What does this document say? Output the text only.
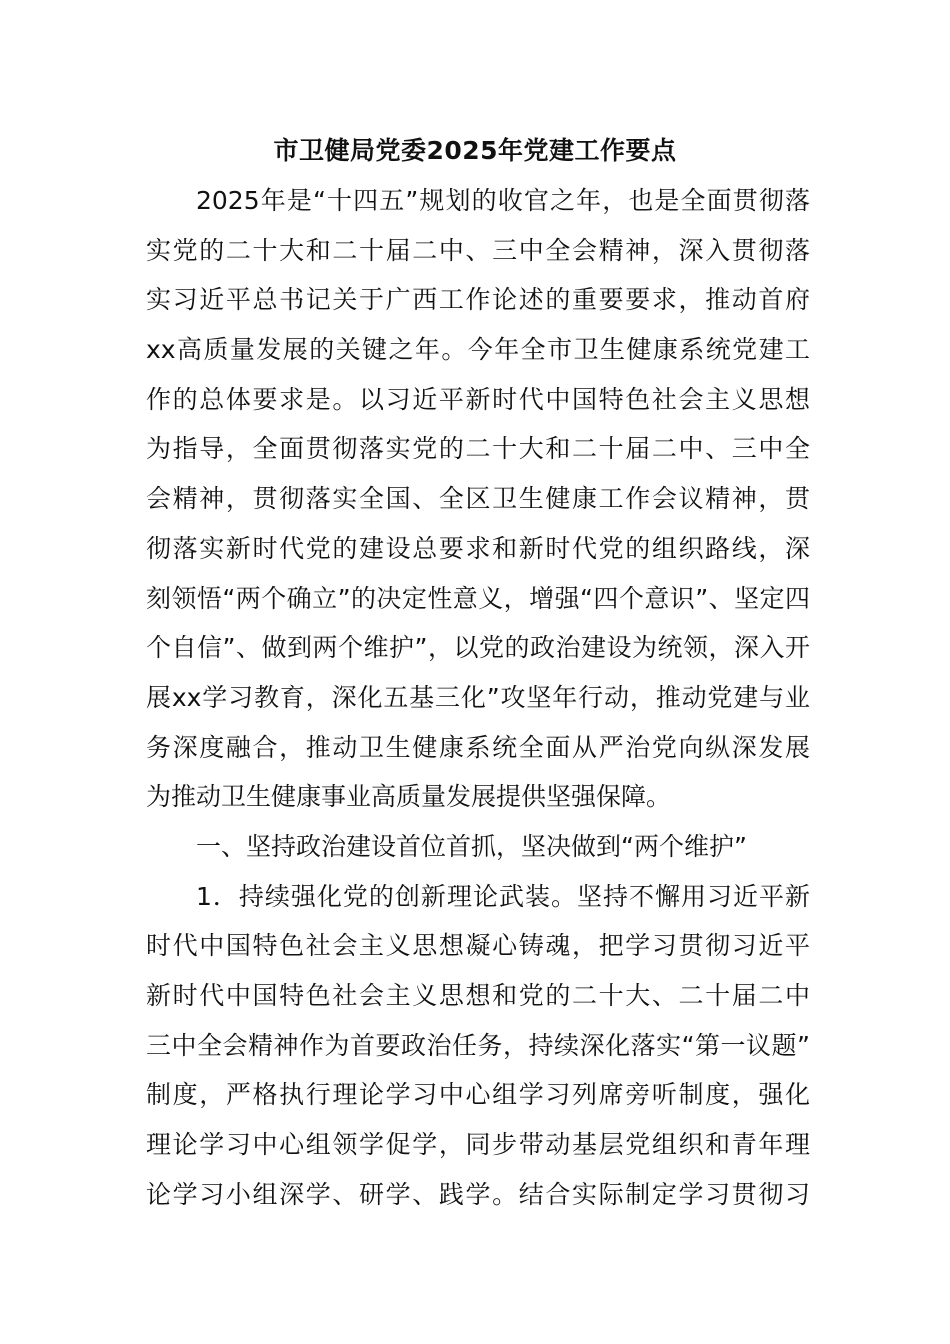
市卫健局党委2025年党建工作要点
2025年是“十四五”规划的收官之年，也是全面贯彻落
实党的二十大和二十届二中、三中全会精神，深入贯彻落
实习近平总书记关于广西工作论述的重要要求，推动首府
xx高质量发展的关键之年。今年全市卫生健康系统党建工
作的总体要求是。以习近平新时代中国特色社会主义思想
为指导，全面贯彻落实党的二十大和二十届二中、三中全
会精神，贯彻落实全国、全区卫生健康工作会议精神，贯
彻落实新时代党的建设总要求和新时代党的组织路线，深
刻领悟“两个确立”的决定性意义，增强“四个意识”、坚定四
个自信”、做到两个维护”，以党的政治建设为统领，深入开
展xx学习教育，深化五基三化”攻坚年行动，推动党建与业
务深度融合，推动卫生健康系统全面从严治党向纵深发展
为推动卫生健康事业高质量发展提供坚强保障。
一、坚持政治建设首位首抓，坚决做到“两个维护”
1．持续强化党的创新理论武装。坚持不懈用习近平新
时代中国特色社会主义思想凝心铸魂，把学习贯彻习近平
新时代中国特色社会主义思想和党的二十大、二十届二中
三中全会精神作为首要政治任务，持续深化落实“第一议题”
制度，严格执行理论学习中心组学习列席旁听制度，强化
理论学习中心组领学促学，同步带动基层党组织和青年理
论学习小组深学、研学、践学。结合实际制定学习贯彻习
